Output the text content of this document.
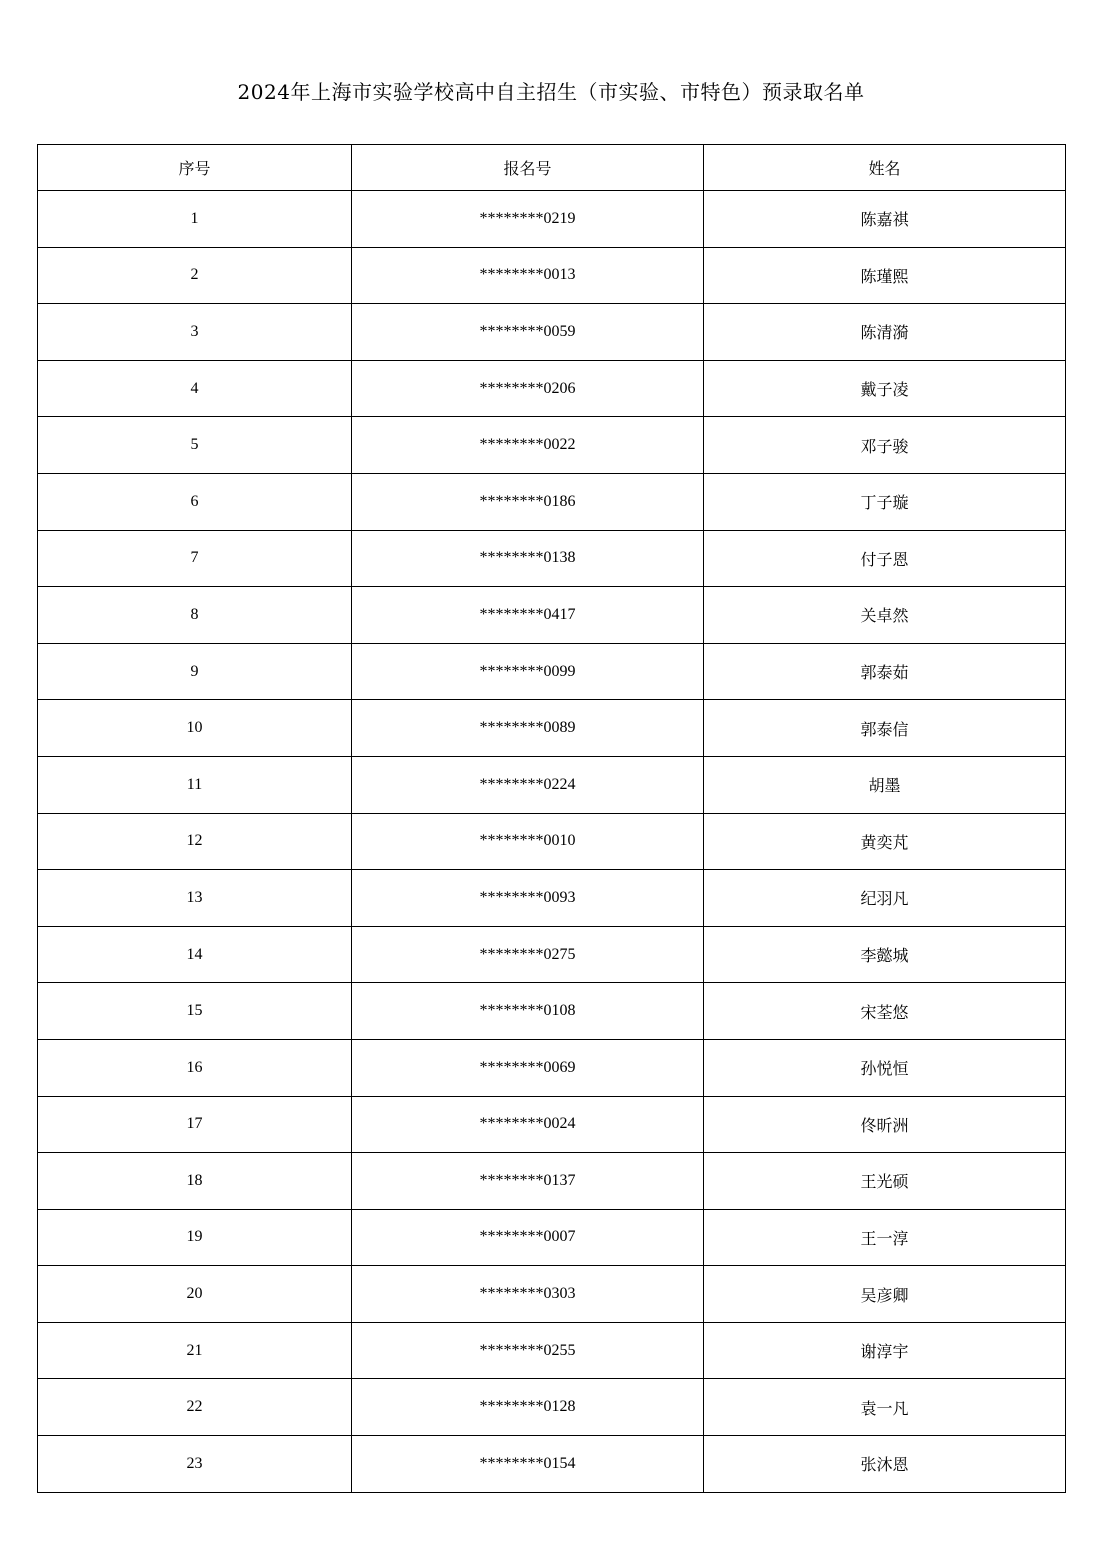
2024年上海市实验学校高中自主招生（市实验、市特色）预录取名单
序号	报名号	姓名
1	********0219	陈嘉祺
2	********0013	陈瑾熙
3	********0059	陈清漪
4	********0206	戴子凌
5	********0022	邓子骏
6	********0186	丁子璇
7	********0138	付子恩
8	********0417	关卓然
9	********0099	郭泰茹
10	********0089	郭泰信
11	********0224	胡墨
12	********0010	黄奕芃
13	********0093	纪羽凡
14	********0275	李懿城
15	********0108	宋荃悠
16	********0069	孙悦恒
17	********0024	佟昕洲
18	********0137	王光硕
19	********0007	王一淳
20	********0303	吴彦卿
21	********0255	谢淳宇
22	********0128	袁一凡
23	********0154	张沐恩
